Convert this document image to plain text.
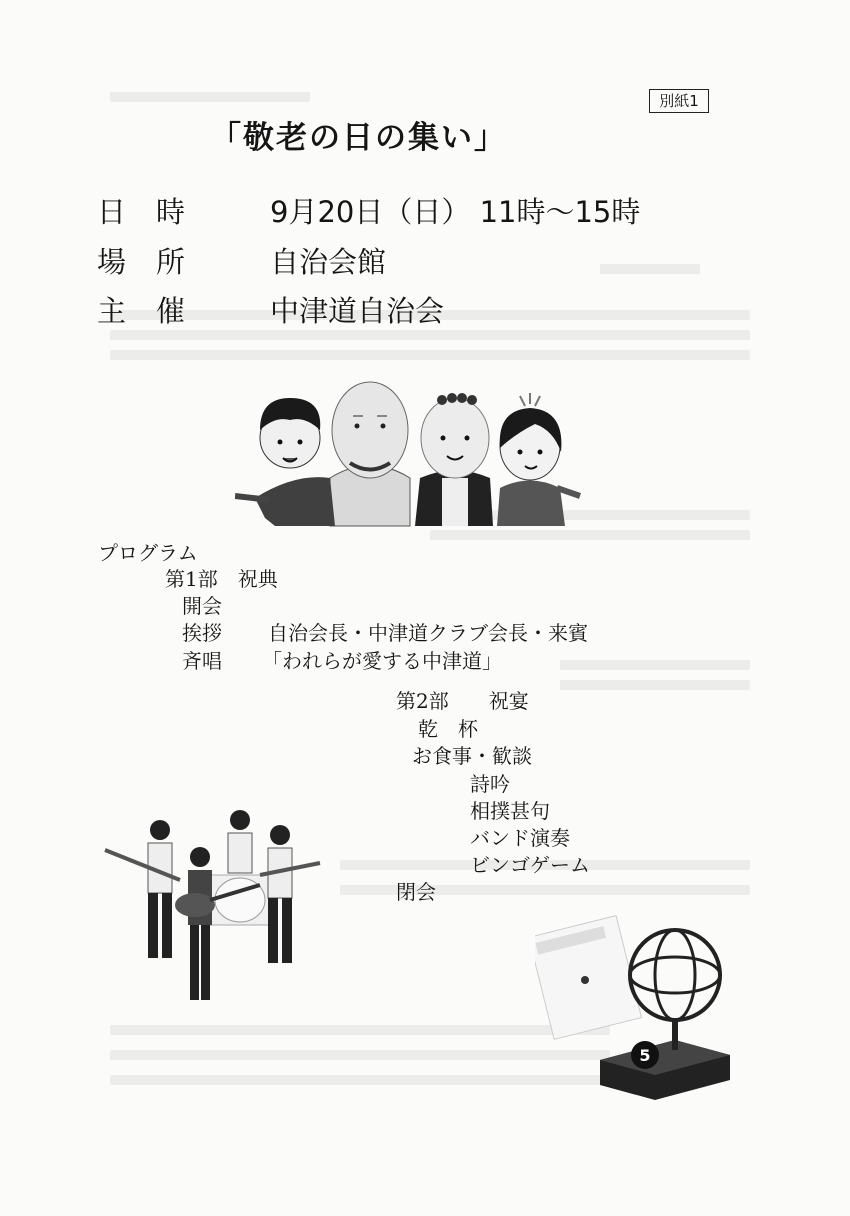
別紙1
「敬老の日の集い」
日時	9月20日（日） 11時〜15時
場所	自治会館
主催	中津道自治会
プログラム
第1部　祝典
開会
挨拶 自治会長・中津道クラブ会長・来賓
斉唱 「われらが愛する中津道」
第2部　　祝宴
乾　杯
お食事・歓談
詩吟
相撲甚句
バンド演奏
ビンゴゲーム
閉会
5
